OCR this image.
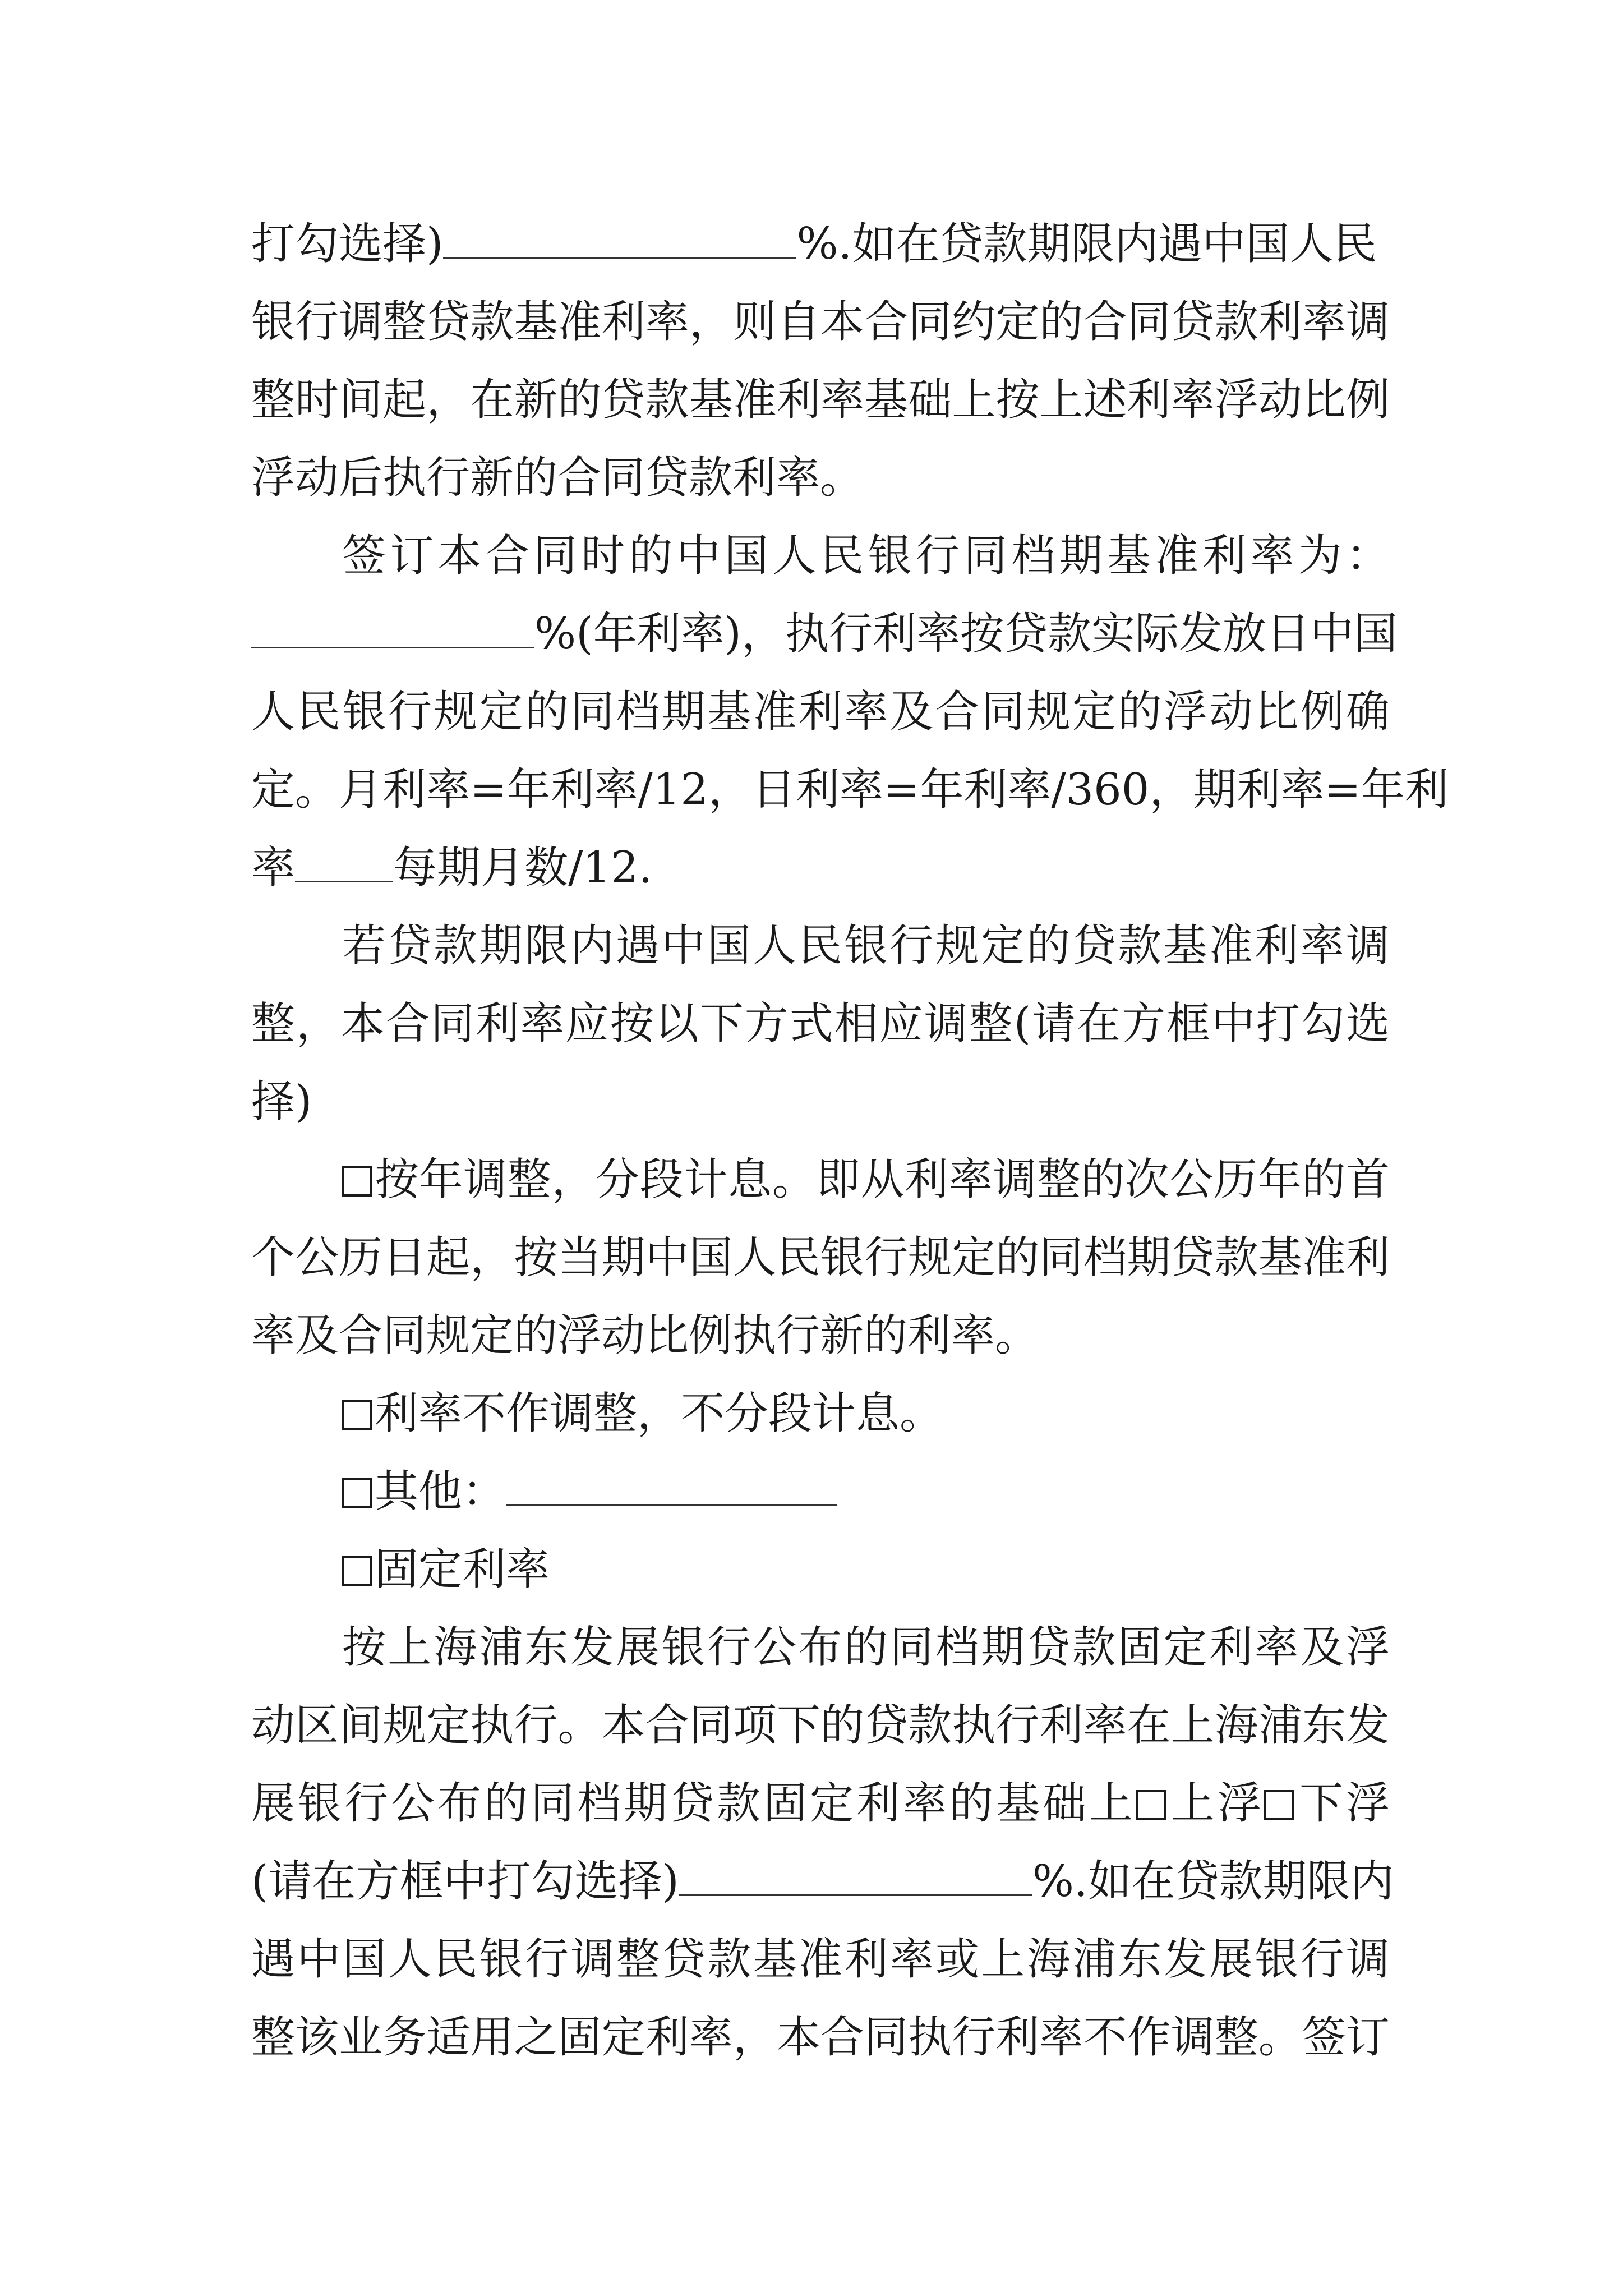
打勾选择)	%.如在贷款期限内遇中国人民
银行调整贷款基准利率，则自本合同约定的合同贷款利率调
整时间起，在新的贷款基准利率基础上按上述利率浮动比例
浮动后执行新的合同贷款利率。
签订本合同时的中国人民银行同档期基准利率为：
%(年利率)，执行利率按贷款实际发放日中国
人民银行规定的同档期基准利率及合同规定的浮动比例确
定。月利率=年利率/12，日利率=年利率/360，期利率=年利
率 每期月数/12.
若贷款期限内遇中国人民银行规定的贷款基准利率调
整，本合同利率应按以下方式相应调整(请在方框中打勾选
择)
按年调整，分段计息。即从利率调整的次公历年的首
个公历日起，按当期中国人民银行规定的同档期贷款基准利
率及合同规定的浮动比例执行新的利率。
利率不作调整，不分段计息。
其他：
固定利率
按上海浦东发展银行公布的同档期贷款固定利率及浮
动区间规定执行。本合同项下的贷款执行利率在上海浦东发
展银行公布的同档期贷款固定利率的基础上 上浮 下浮
(请在方框中打勾选择)	%.如在贷款期限内
遇中国人民银行调整贷款基准利率或上海浦东发展银行调
整该业务适用之固定利率，本合同执行利率不作调整。签订
